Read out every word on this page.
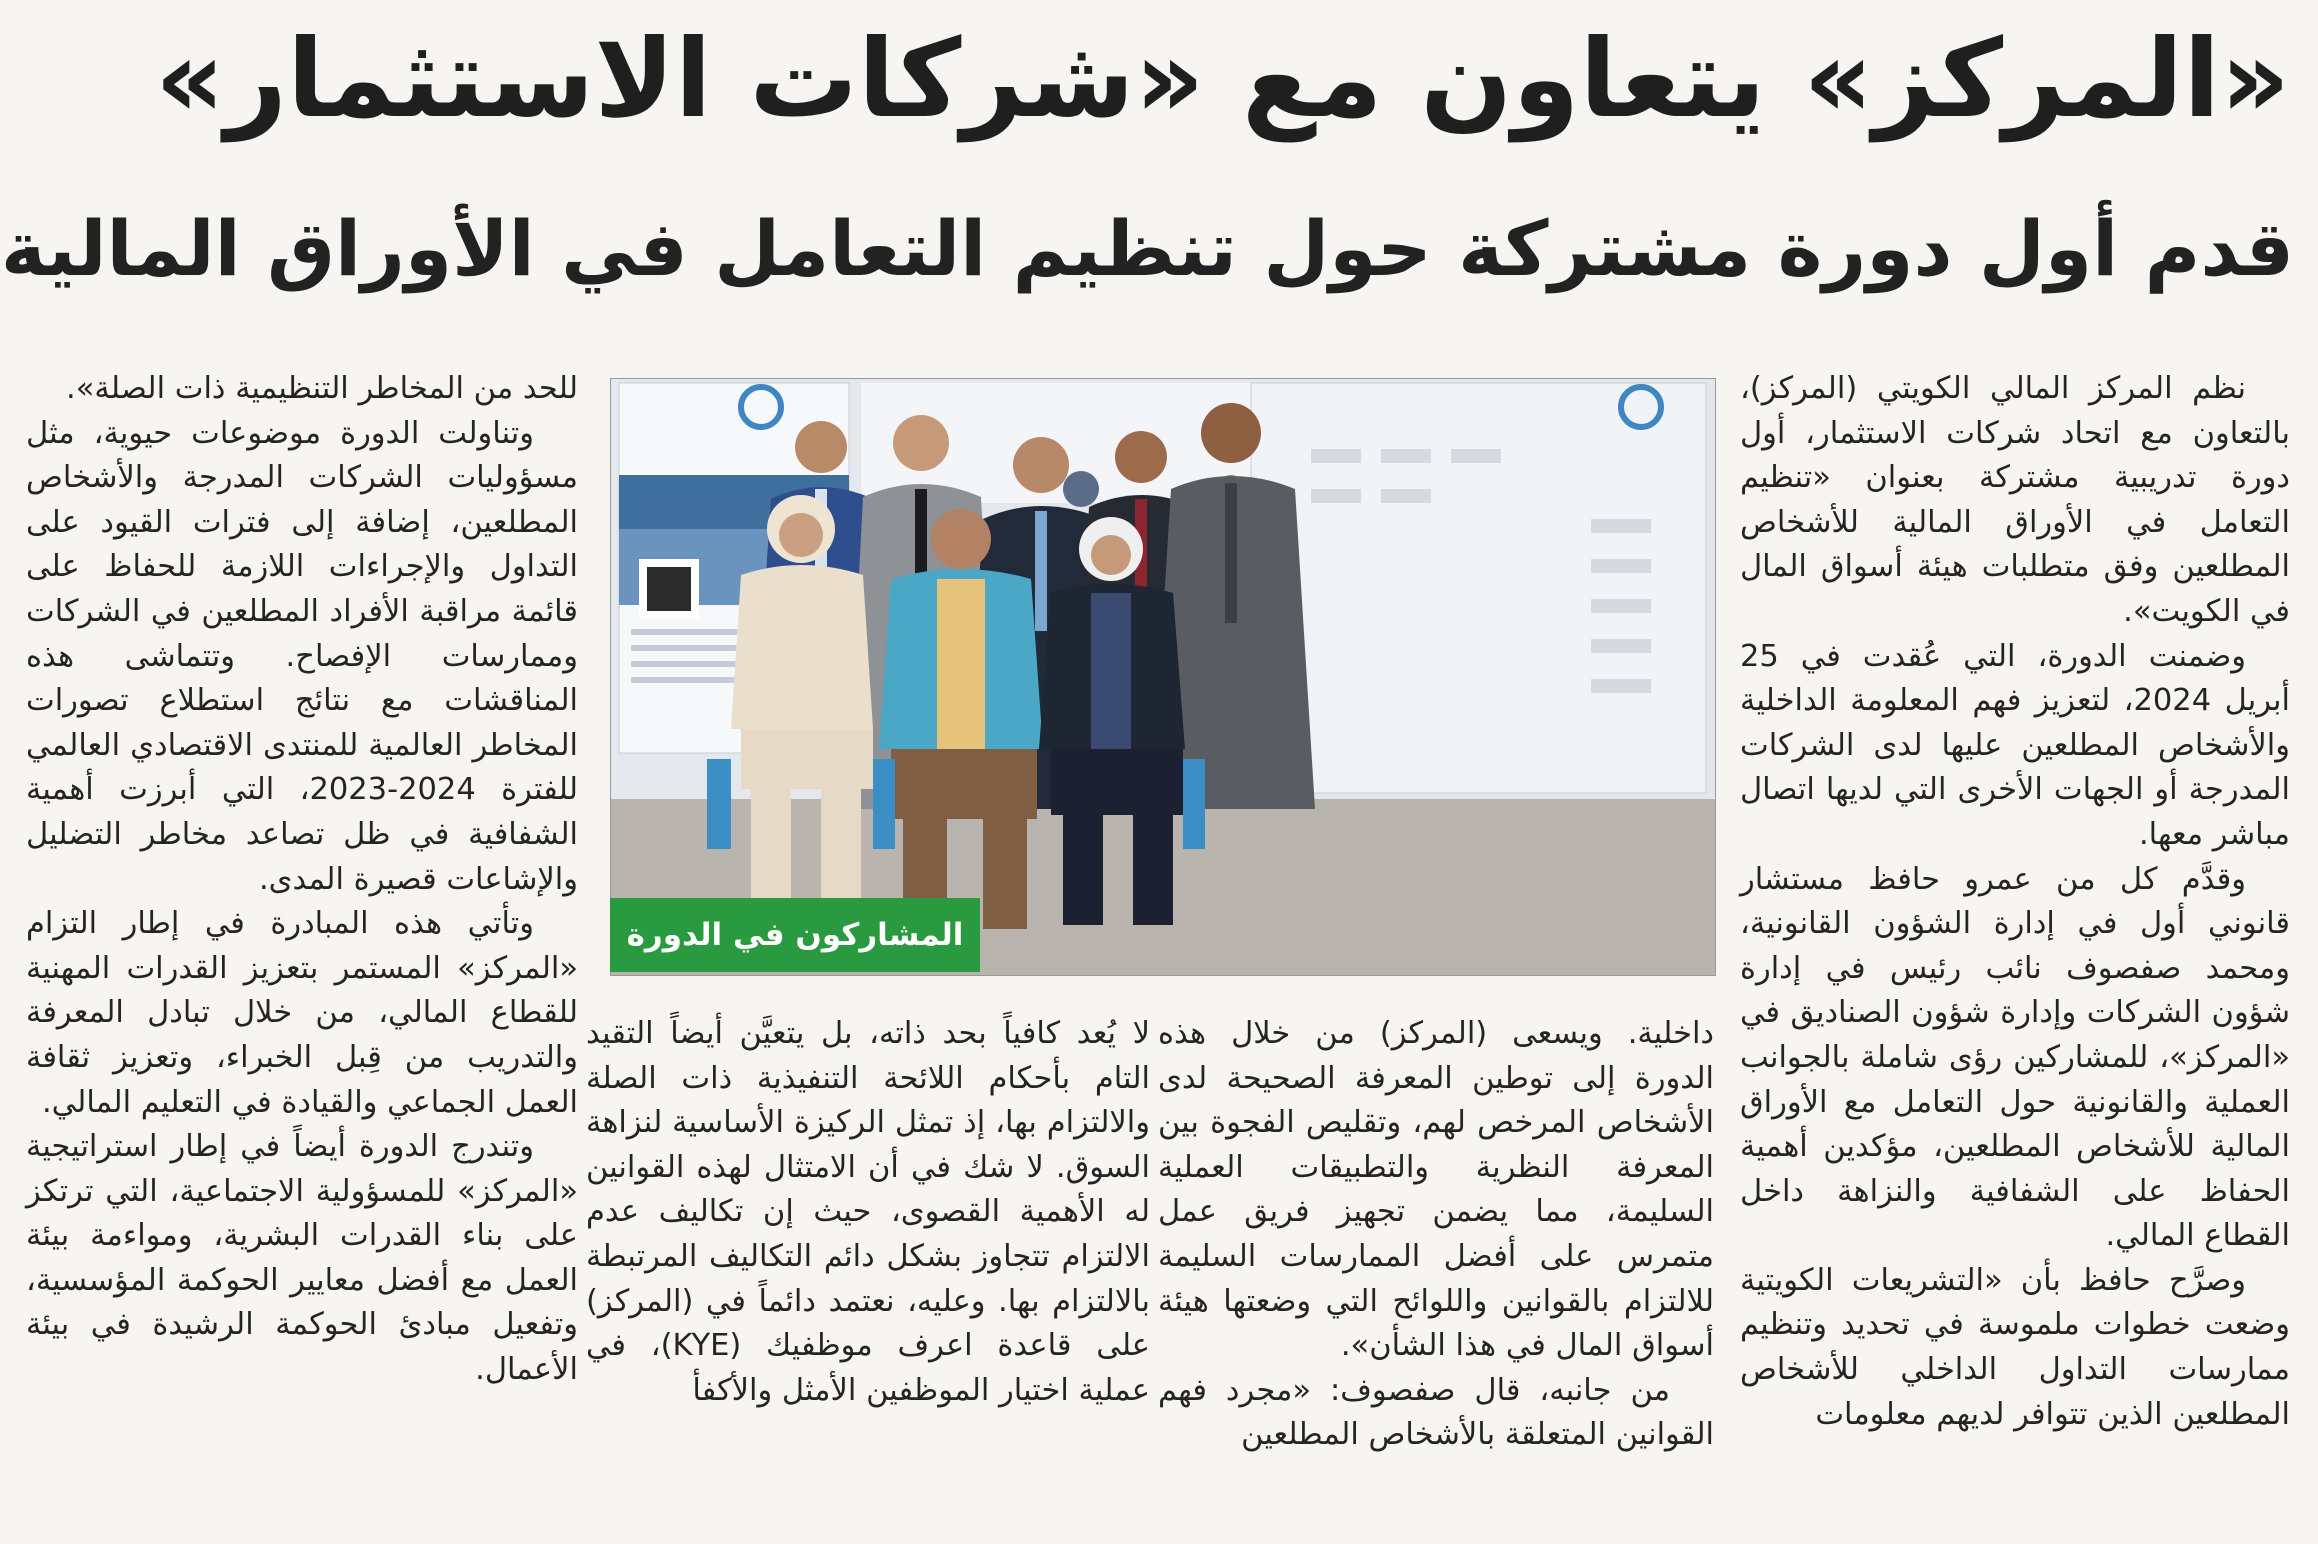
«المركز» يتعاون مع «شركات الاستثمار»
قدم أول دورة مشتركة حول تنظيم التعامل في الأوراق المالية

نظم المركز المالي الكويتي (المركز)، بالتعاون مع اتحاد شركات الاستثمار، أول دورة تدريبية مشتركة بعنوان «تنظيم التعامل في الأوراق المالية للأشخاص المطلعين وفق متطلبات هيئة أسواق المال في الكويت».

وضمنت الدورة، التي عُقدت في 25 أبريل 2024، لتعزيز فهم المعلومة الداخلية والأشخاص المطلعين عليها لدى الشركات المدرجة أو الجهات الأخرى التي لديها اتصال مباشر معها.

وقدَّم كل من عمرو حافظ مستشار قانوني أول في إدارة الشؤون القانونية، ومحمد صفصوف نائب رئيس في إدارة شؤون الشركات وإدارة شؤون الصناديق في «المركز»، للمشاركين رؤى شاملة بالجوانب العملية والقانونية حول التعامل مع الأوراق المالية للأشخاص المطلعين، مؤكدين أهمية الحفاظ على الشفافية والنزاهة داخل القطاع المالي.

وصرَّح حافظ بأن «التشريعات الكويتية وضعت خطوات ملموسة في تحديد وتنظيم ممارسات التداول الداخلي للأشخاص المطلعين الذين تتوافر لديهم معلومات

المشاركون في الدورة

داخلية. ويسعى (المركز) من خلال هذه الدورة إلى توطين المعرفة الصحيحة لدى الأشخاص المرخص لهم، وتقليص الفجوة بين المعرفة النظرية والتطبيقات العملية السليمة، مما يضمن تجهيز فريق عمل متمرس على أفضل الممارسات السليمة للالتزام بالقوانين واللوائح التي وضعتها هيئة أسواق المال في هذا الشأن».

من جانبه، قال صفصوف: «مجرد فهم القوانين المتعلقة بالأشخاص المطلعين

لا يُعد كافياً بحد ذاته، بل يتعيَّن أيضاً التقيد التام بأحكام اللائحة التنفيذية ذات الصلة والالتزام بها، إذ تمثل الركيزة الأساسية لنزاهة السوق. لا شك في أن الامتثال لهذه القوانين له الأهمية القصوى، حيث إن تكاليف عدم الالتزام تتجاوز بشكل دائم التكاليف المرتبطة بالالتزام بها. وعليه، نعتمد دائماً في (المركز) على قاعدة اعرف موظفيك (KYE)، في عملية اختيار الموظفين الأمثل والأكفأ

للحد من المخاطر التنظيمية ذات الصلة».

وتناولت الدورة موضوعات حيوية، مثل مسؤوليات الشركات المدرجة والأشخاص المطلعين، إضافة إلى فترات القيود على التداول والإجراءات اللازمة للحفاظ على قائمة مراقبة الأفراد المطلعين في الشركات وممارسات الإفصاح. وتتماشى هذه المناقشات مع نتائج استطلاع تصورات المخاطر العالمية للمنتدى الاقتصادي العالمي للفترة 2024-2023، التي أبرزت أهمية الشفافية في ظل تصاعد مخاطر التضليل والإشاعات قصيرة المدى.

وتأتي هذه المبادرة في إطار التزام «المركز» المستمر بتعزيز القدرات المهنية للقطاع المالي، من خلال تبادل المعرفة والتدريب من قِبل الخبراء، وتعزيز ثقافة العمل الجماعي والقيادة في التعليم المالي.

وتندرج الدورة أيضاً في إطار استراتيجية «المركز» للمسؤولية الاجتماعية، التي ترتكز على بناء القدرات البشرية، ومواءمة بيئة العمل مع أفضل معايير الحوكمة المؤسسية، وتفعيل مبادئ الحوكمة الرشيدة في بيئة الأعمال.
